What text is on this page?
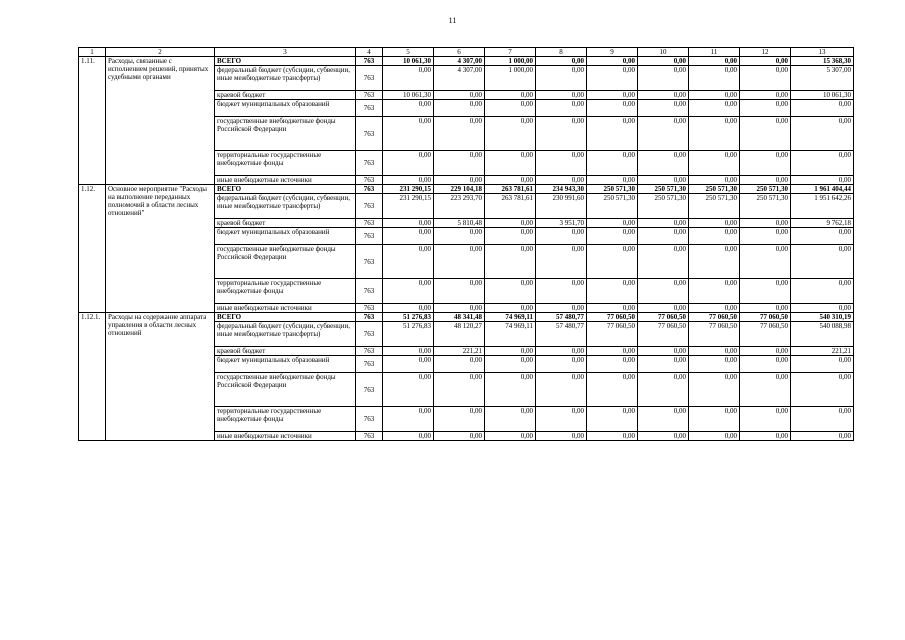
11
1	2	3	4	5	6	7	8	9	10	11	12	13
1.11.	Расходы, связанные с исполнением решений, принятых судебными органами	ВСЕГО	763	10 061,30	4 307,00	1 000,00	0,00	0,00	0,00	0,00	0,00	15 368,30
		федеральный бюджет (субсидии, субвенции, иные межбюджетные трансферты)	763	0,00	4 307,00	1 000,00	0,00	0,00	0,00	0,00	0,00	5 307,00
		краевой бюджет	763	10 061,30	0,00	0,00	0,00	0,00	0,00	0,00	0,00	10 061,30
		бюджет муниципальных образований	763	0,00	0,00	0,00	0,00	0,00	0,00	0,00	0,00	0,00
		государственные внебюджетные фонды Российской Федерации	763	0,00	0,00	0,00	0,00	0,00	0,00	0,00	0,00	0,00
		территориальные государственные внебюджетные фонды	763	0,00	0,00	0,00	0,00	0,00	0,00	0,00	0,00	0,00
		иные внебюджетные источники	763	0,00	0,00	0,00	0,00	0,00	0,00	0,00	0,00	0,00
1.12.	Основное мероприятие "Расходы на выполнение переданных полномочий в области лесных отношений"	ВСЕГО	763	231 290,15	229 104,18	263 781,61	234 943,30	250 571,30	250 571,30	250 571,30	250 571,30	1 961 404,44
		федеральный бюджет (субсидии, субвенции, иные межбюджетные трансферты)	763	231 290,15	223 293,70	263 781,61	230 991,60	250 571,30	250 571,30	250 571,30	250 571,30	1 951 642,26
		краевой бюджет	763	0,00	5 810,48	0,00	3 951,70	0,00	0,00	0,00	0,00	9 762,18
		бюджет муниципальных образований	763	0,00	0,00	0,00	0,00	0,00	0,00	0,00	0,00	0,00
		государственные внебюджетные фонды Российской Федерации	763	0,00	0,00	0,00	0,00	0,00	0,00	0,00	0,00	0,00
		территориальные государственные внебюджетные фонды	763	0,00	0,00	0,00	0,00	0,00	0,00	0,00	0,00	0,00
		иные внебюджетные источники	763	0,00	0,00	0,00	0,00	0,00	0,00	0,00	0,00	0,00
1.12.1.	Расходы на содержание аппарата управления в области лесных отношений	ВСЕГО	763	51 276,83	48 341,48	74 969,11	57 480,77	77 060,50	77 060,50	77 060,50	77 060,50	540 310,19
		федеральный бюджет (субсидии, субвенции, иные межбюджетные трансферты)	763	51 276,83	48 120,27	74 969,11	57 480,77	77 060,50	77 060,50	77 060,50	77 060,50	540 088,98
		краевой бюджет	763	0,00	221,21	0,00	0,00	0,00	0,00	0,00	0,00	221,21
		бюджет муниципальных образований	763	0,00	0,00	0,00	0,00	0,00	0,00	0,00	0,00	0,00
		государственные внебюджетные фонды Российской Федерации	763	0,00	0,00	0,00	0,00	0,00	0,00	0,00	0,00	0,00
		территориальные государственные внебюджетные фонды	763	0,00	0,00	0,00	0,00	0,00	0,00	0,00	0,00	0,00
		иные внебюджетные источники	763	0,00	0,00	0,00	0,00	0,00	0,00	0,00	0,00	0,00
